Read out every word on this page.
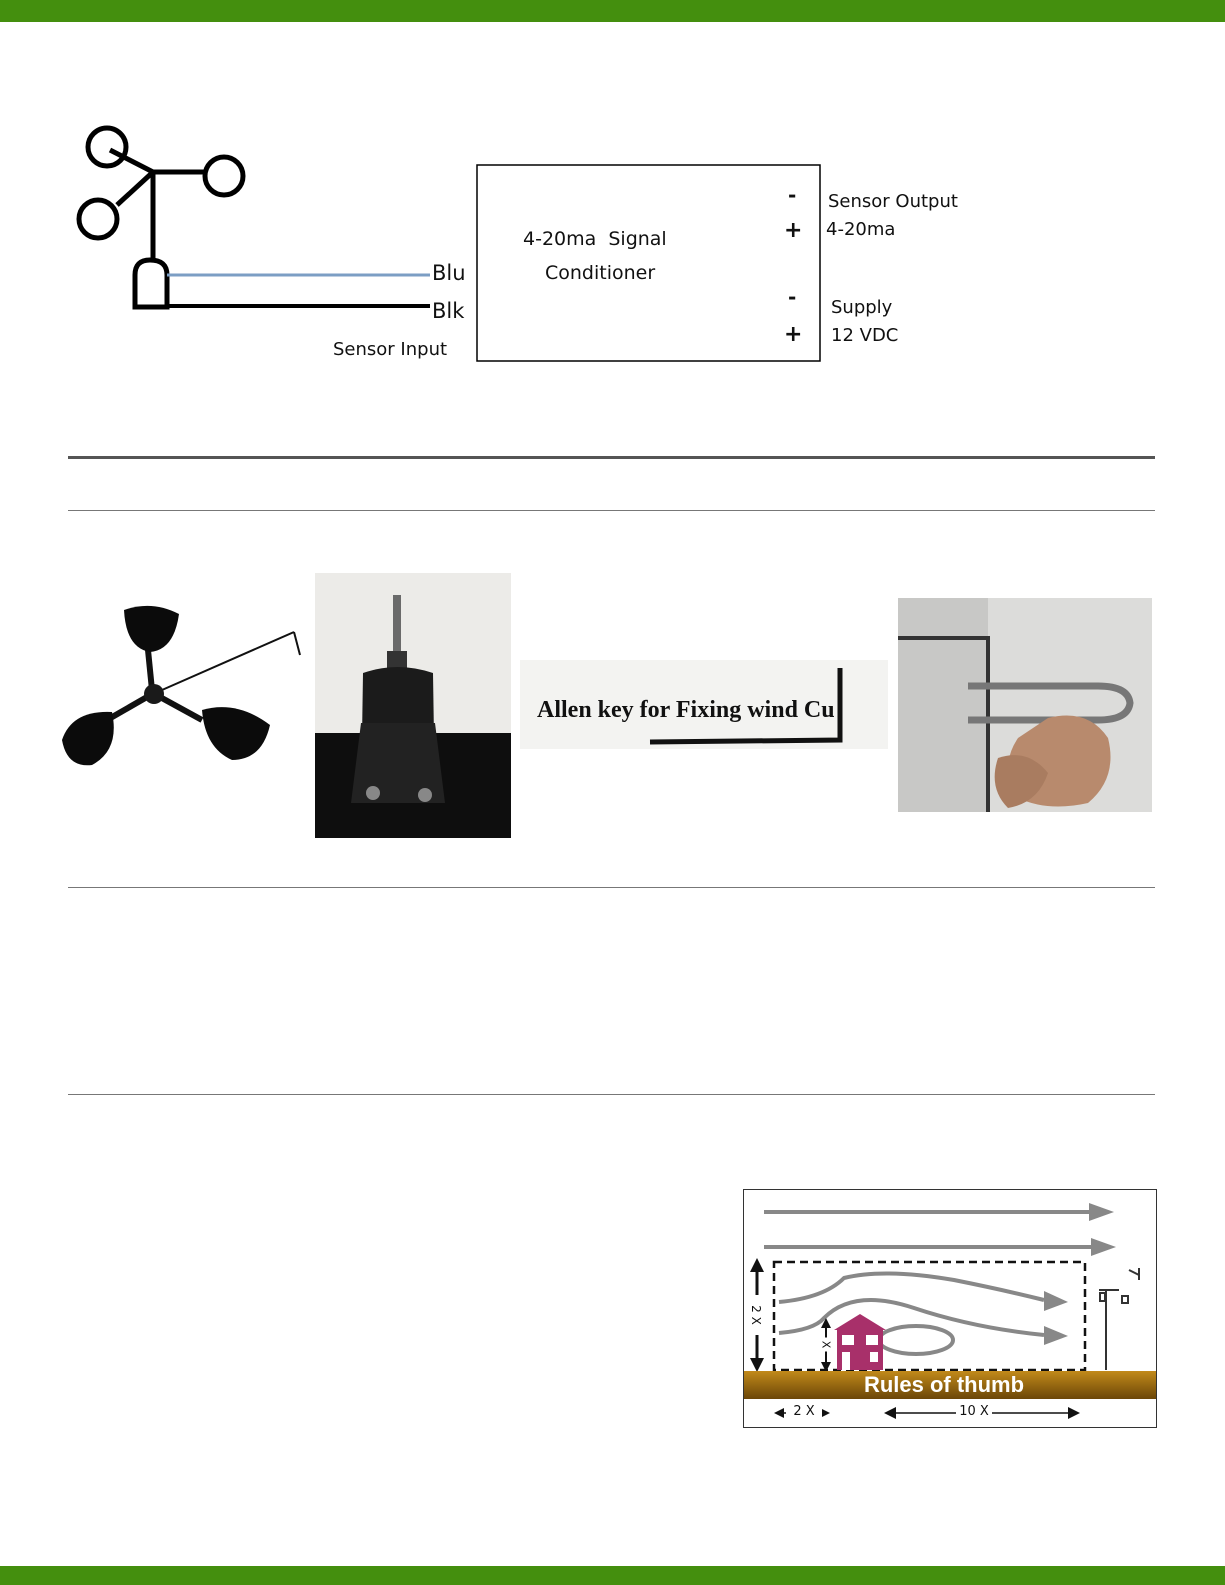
Blu
Blk
Sensor Input
4-20ma  Signal
Conditioner
-
+
-
+
Sensor Output
4-20ma
Supply
12 VDC
Allen key for Fixing wind Cu
Rules of thumb
2 X
X
2 X	10 X
